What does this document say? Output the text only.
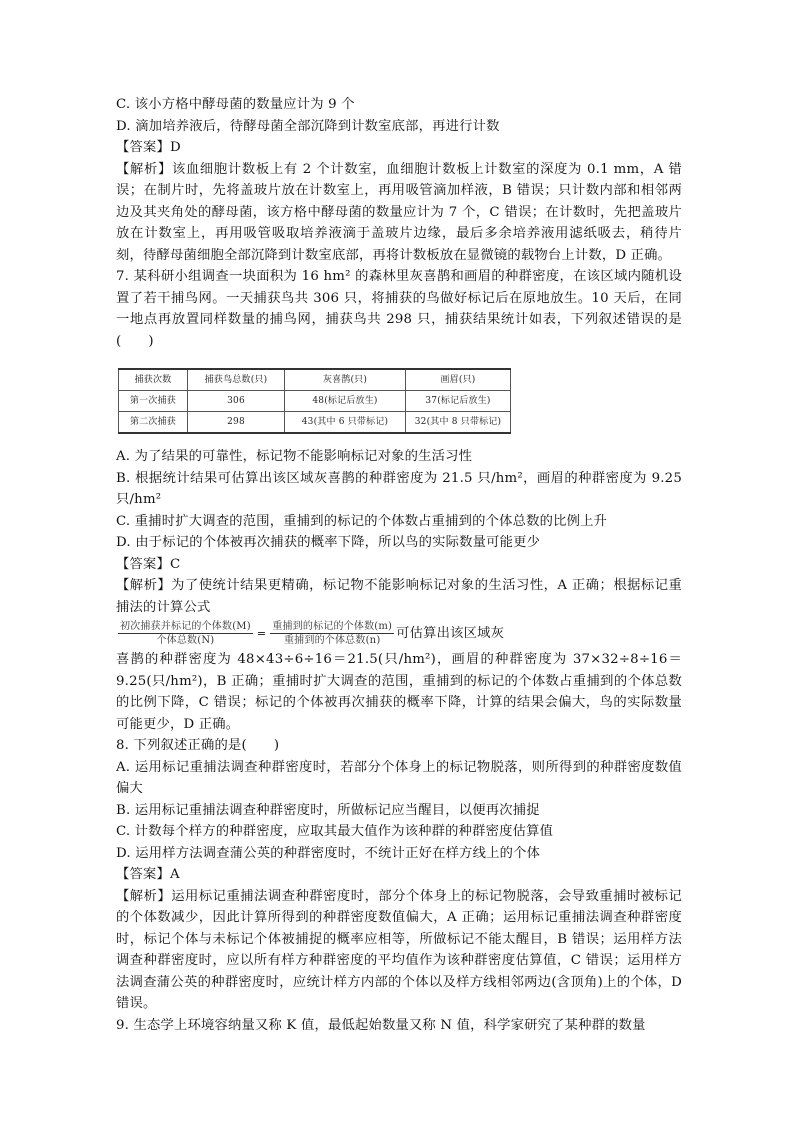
C. 该小方格中酵母菌的数量应计为 9 个

D. 滴加培养液后，待酵母菌全部沉降到计数室底部，再进行计数

【答案】D

【解析】该血细胞计数板上有 2 个计数室，血细胞计数板上计数室的深度为 0.1 mm，A 错误；在制片时，先将盖玻片放在计数室上，再用吸管滴加样液，B 错误；只计数内部和相邻两边及其夹角处的酵母菌，该方格中酵母菌的数量应计为 7 个，C 错误；在计数时，先把盖玻片放在计数室上，再用吸管吸取培养液滴于盖玻片边缘，最后多余培养液用滤纸吸去，稍待片刻，待酵母菌细胞全部沉降到计数室底部，再将计数板放在显微镜的载物台上计数，D 正确。

7. 某科研小组调查一块面积为 16 hm² 的森林里灰喜鹊和画眉的种群密度，在该区域内随机设置了若干捕鸟网。一天捕获鸟共 306 只，将捕获的鸟做好标记后在原地放生。10 天后，在同一地点再放置同样数量的捕鸟网，捕获鸟共 298 只，捕获结果统计如表，下列叙述错误的是(　　)

捕获次数	捕获鸟总数(只)	灰喜鹊(只)	画眉(只)
第一次捕获	306	48(标记后放生)	37(标记后放生)
第二次捕获	298	43(其中 6 只带标记)	32(其中 8 只带标记)

A. 为了结果的可靠性，标记物不能影响标记对象的生活习性

B. 根据统计结果可估算出该区域灰喜鹊的种群密度为 21.5 只/hm²，画眉的种群密度为 9.25 只/hm²

C. 重捕时扩大调查的范围，重捕到的标记的个体数占重捕到的个体总数的比例上升

D. 由于标记的个体被再次捕获的概率下降，所以鸟的实际数量可能更少

【答案】C

【解析】为了使统计结果更精确，标记物不能影响标记对象的生活习性，A 正确；根据标记重捕法的计算公式

$\frac{\text{初次捕获并标记的个体数(M)}}{\text{个体总数(N)}} = \frac{\text{重捕到的标记的个体数(m)}}{\text{重捕到的个体总数(n)}}$ 可估算出该区域灰

喜鹊的种群密度为 48×43÷6÷16＝21.5(只/hm²)，画眉的种群密度为 37×32÷8÷16＝9.25(只/hm²)，B 正确；重捕时扩大调查的范围，重捕到的标记的个体数占重捕到的个体总数的比例下降，C 错误；标记的个体被再次捕获的概率下降，计算的结果会偏大，鸟的实际数量可能更少，D 正确。

8. 下列叙述正确的是(　　)

A. 运用标记重捕法调查种群密度时，若部分个体身上的标记物脱落，则所得到的种群密度数值偏大

B. 运用标记重捕法调查种群密度时，所做标记应当醒目，以便再次捕捉

C. 计数每个样方的种群密度，应取其最大值作为该种群的种群密度估算值

D. 运用样方法调查蒲公英的种群密度时，不统计正好在样方线上的个体

【答案】A

【解析】运用标记重捕法调查种群密度时，部分个体身上的标记物脱落，会导致重捕时被标记的个体数减少，因此计算所得到的种群密度数值偏大，A 正确；运用标记重捕法调查种群密度时，标记个体与未标记个体被捕捉的概率应相等，所做标记不能太醒目，B 错误；运用样方法调查种群密度时，应以所有样方种群密度的平均值作为该种群密度估算值，C 错误；运用样方法调查蒲公英的种群密度时，应统计样方内部的个体以及样方线相邻两边(含顶角)上的个体，D 错误。

9. 生态学上环境容纳量又称 K 值，最低起始数量又称 N 值，科学家研究了某种群的数量
